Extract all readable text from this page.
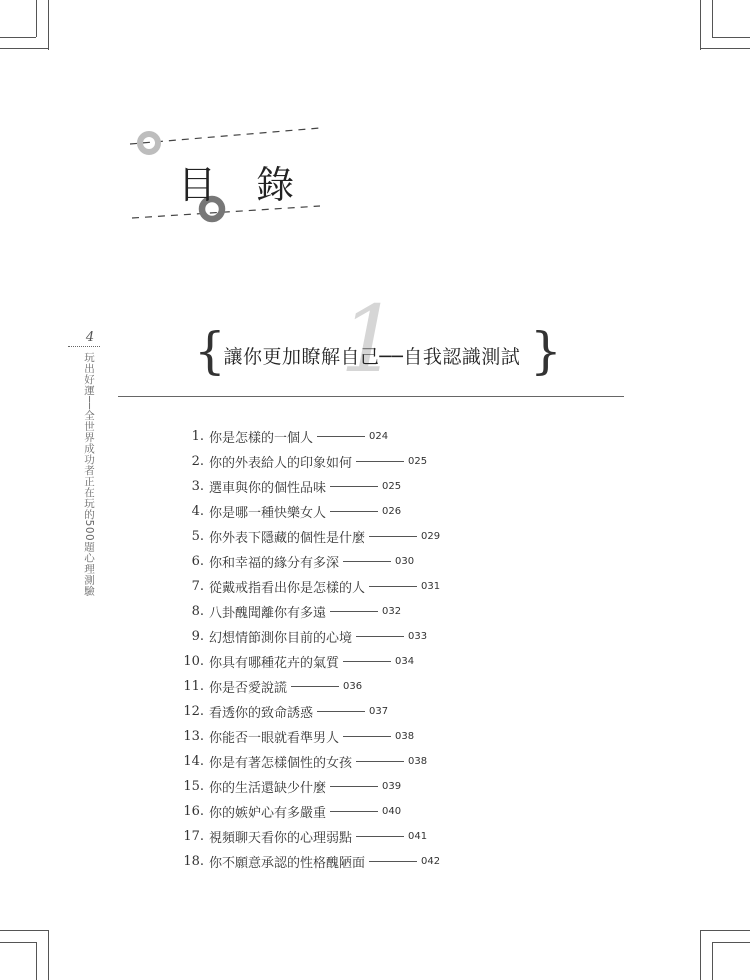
目 錄
4
玩出好運──全世界成功者正在玩的500題心理測驗
1
{
讓你更加瞭解自己──自我認識測試 }
1. 你是怎樣的一個人	024
2. 你的外表給人的印象如何	025
3. 選車與你的個性品味	025
4. 你是哪一種快樂女人	026
5. 你外表下隱藏的個性是什麼	029
6. 你和幸福的緣分有多深	030
7. 從戴戒指看出你是怎樣的人	031
8. 八卦醜聞離你有多遠	032
9. 幻想情節測你目前的心境	033
10. 你具有哪種花卉的氣質	034
11. 你是否愛說謊	036
12. 看透你的致命誘惑	037
13. 你能否一眼就看準男人	038
14. 你是有著怎樣個性的女孩	038
15. 你的生活還缺少什麼	039
16. 你的嫉妒心有多嚴重	040
17. 視頻聊天看你的心理弱點	041
18. 你不願意承認的性格醜陋面	042
